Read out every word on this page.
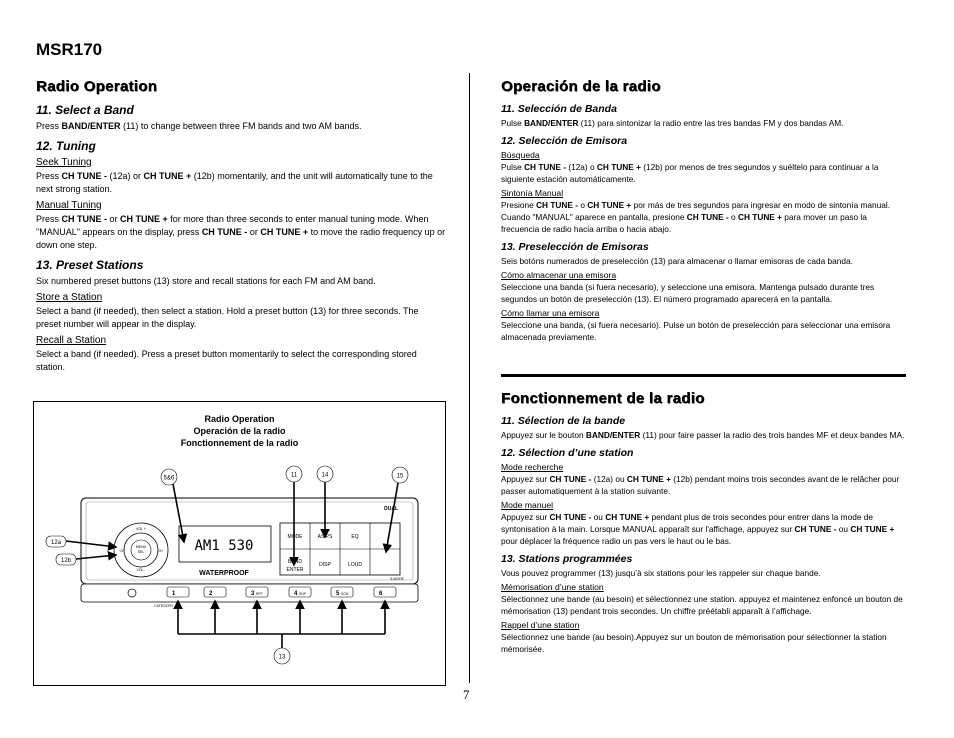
MSR170
Radio Operation
11. Select a Band
Press BAND/ENTER (11) to change between three FM bands and two AM bands.
12. Tuning
Seek Tuning
Press CH TUNE - (12a) or CH TUNE + (12b) momentarily, and the unit will automatically tune to the next strong station.
Manual Tuning
Press CH TUNE - or CH TUNE + for more than three seconds to enter manual tuning mode. When "MANUAL" appears on the display, press CH TUNE - or CH TUNE + to move the radio frequency up or down one step.
13. Preset Stations
Six numbered preset buttons (13) store and recall stations for each FM and AM band.
Store a Station
Select a band (if needed), then select a station. Hold a preset button (13) for three seconds. The preset number will appear in the display.
Recall a Station
Select a band (if needed). Press a preset button momentarily to select the corresponding stored station.
Operación de la radio
11. Selección de Banda
Pulse BAND/ENTER (11) para sintonizar la radio entre las tres bandas FM y dos bandas AM.
12. Selección de Emisora
Búsqueda
Pulse CH TUNE - (12a) o CH TUNE + (12b) por menos de tres segundos y suéltelo para continuar a la siguiente estación automáticamente.
Sintonía Manual
Presione CH TUNE - o CH TUNE + por más de tres segundos para ingresar en modo de sintonía manual. Cuando "MANUAL" aparece en pantalla, presione CH TUNE - o CH TUNE + para mover un paso la frecuencia de radio hacia arriba o hacia abajo.
13. Preselección de Emisoras
Seis botóns numerados de preselección (13) para almacenar o llamar emisoras de cada banda.
Cómo almacenar una emisora
Seleccione una banda (si fuera necesario), y seleccione una emisora. Mantenga pulsado durante tres segundos un botón de preselección (13). El número programado aparecerá en la pantalla.
Cómo llamar una emisora
Seleccione una banda, (si fuera necesario). Pulse un botón de preselección para seleccionar una emisora almacenada previamente.
Fonctionnement de la radio
11. Sélection de la bande
Appuyez sur le bouton BAND/ENTER (11) pour faire passer la radio des trois bandes MF et deux bandes MA.
12. Sélection d’une station
Mode recherche
Appuyez sur CH TUNE - (12a) ou CH TUNE + (12b) pendant moins trois secondes avant de le relâcher pour passer automatiquement à la station suivante.
Mode manuel
Appuyez sur CH TUNE - ou CH TUNE + pendant plus de trois secondes pour entrer dans la mode de syntonisation à la main. Lorsque MANUAL apparaît sur l'affichage, appuyez sur CH TUNE - ou CH TUNE + pour déplacer la fréquence radio un pas vers le haut ou le bas.
13. Stations programmées
Vous pouvez programmer (13) jusqu’à six stations pour les rappeler sur chaque bande.
Mémorisation d’une station
Sélectionnez une bande (au besoin) et sélectionnez une station. appuyez et maintenez enfoncé un bouton de mémorisation (13) pendant trois secondes. Un chiffre préétabli apparaît à l’affichage.
Rappel d’une station
Sélectionnez une bande (au besoin).Appuyez sur un bouton de mémorisation pour sélectionner la station mémorisée.
Radio Operation
Operación de la radio
Fonctionnement de la radio
MENU
SEL
VOL +
VOL -
CH	CH AM1 530
WATERPROOF
MODE	AS/PS	EQ
BAND
ENTER
DISP	LOUD
DUAL
S-MODE
1	2	3 RPT	4 SHF	5 SCN	6
CATEGORY
5&6	11	14	15
12a
12b
13
7
